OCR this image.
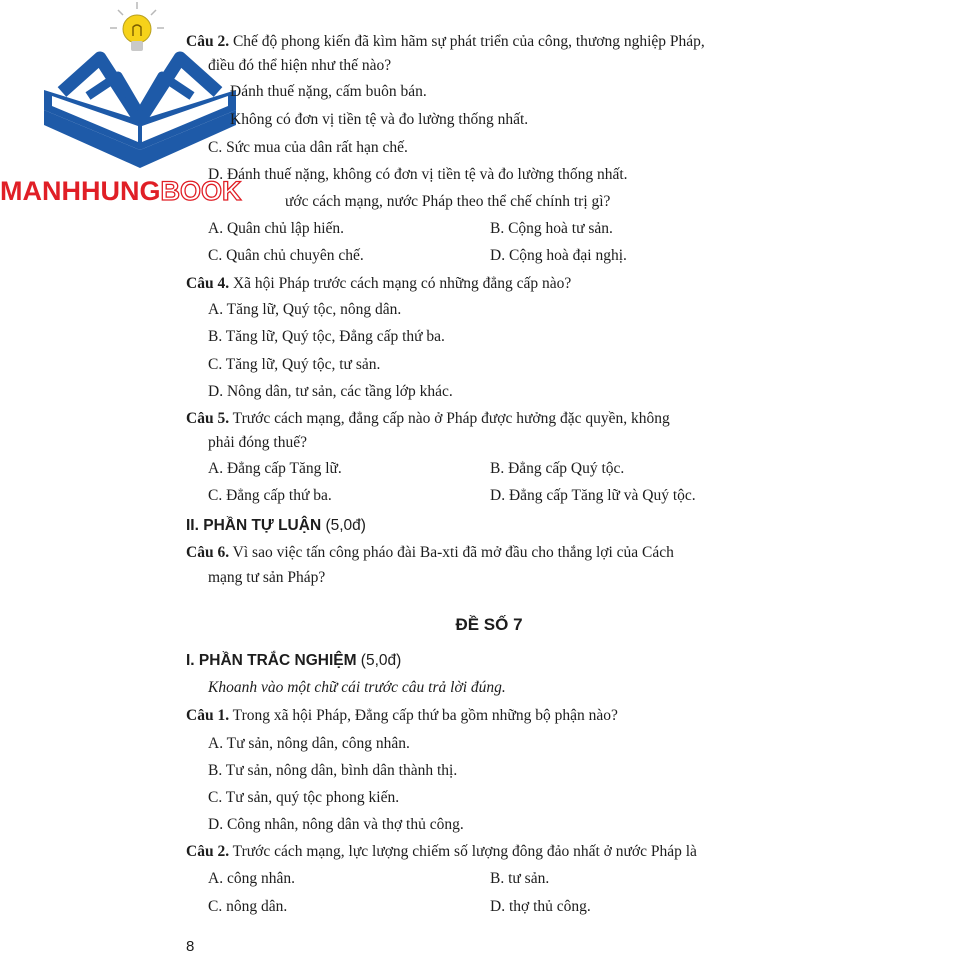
MANHHUNGBOOK
Câu 2. Chế độ phong kiến đã kìm hãm sự phát triển của công, thương nghiệp Pháp,
điều đó thể hiện như thế nào?
Đánh thuế nặng, cấm buôn bán.
Không có đơn vị tiền tệ và đo lường thống nhất.
C. Sức mua của dân rất hạn chế.
D. Đánh thuế nặng, không có đơn vị tiền tệ và đo lường thống nhất.
ước cách mạng, nước Pháp theo thể chế chính trị gì?
A. Quân chủ lập hiến.	B. Cộng hoà tư sản.
C. Quân chủ chuyên chế.	D. Cộng hoà đại nghị.
Câu 4. Xã hội Pháp trước cách mạng có những đẳng cấp nào?
A. Tăng lữ, Quý tộc, nông dân.
B. Tăng lữ, Quý tộc, Đẳng cấp thứ ba.
C. Tăng lữ, Quý tộc, tư sản.
D. Nông dân, tư sản, các tầng lớp khác.
Câu 5. Trước cách mạng, đẳng cấp nào ở Pháp được hưởng đặc quyền, không
phải đóng thuế?
A. Đẳng cấp Tăng lữ.	B. Đẳng cấp Quý tộc.
C. Đẳng cấp thứ ba.	D. Đẳng cấp Tăng lữ và Quý tộc.
II. PHẦN TỰ LUẬN (5,0đ)
Câu 6. Vì sao việc tấn công pháo đài Ba-xti đã mở đầu cho thắng lợi của Cách
mạng tư sản Pháp?
ĐỀ SỐ 7
I. PHẦN TRẮC NGHIỆM (5,0đ)
Khoanh vào một chữ cái trước câu trả lời đúng.
Câu 1. Trong xã hội Pháp, Đẳng cấp thứ ba gồm những bộ phận nào?
A. Tư sản, nông dân, công nhân.
B. Tư sản, nông dân, bình dân thành thị.
C. Tư sản, quý tộc phong kiến.
D. Công nhân, nông dân và thợ thủ công.
Câu 2. Trước cách mạng, lực lượng chiếm số lượng đông đảo nhất ở nước Pháp là
A. công nhân.	B. tư sản.
C. nông dân.	D. thợ thủ công.
8
